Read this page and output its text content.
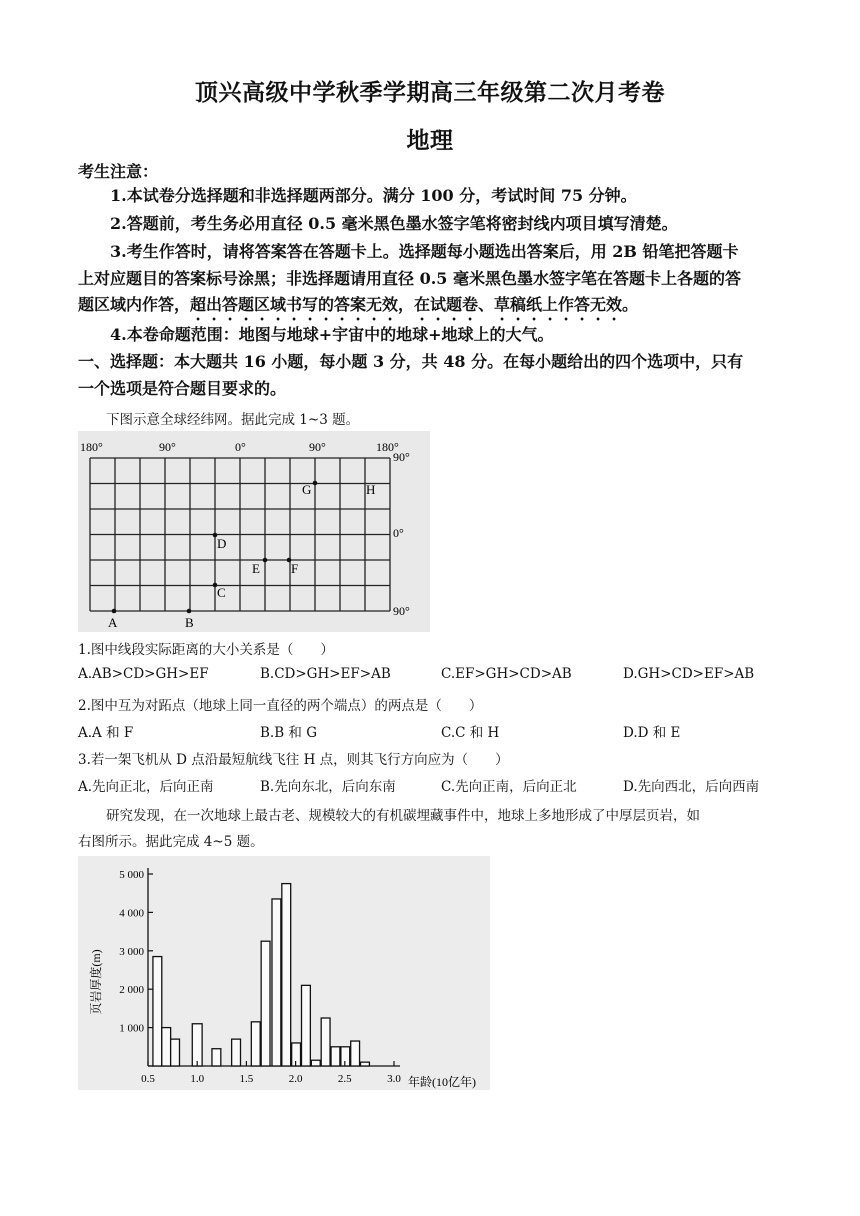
顶兴高级中学秋季学期高三年级第二次月考卷
地理
考生注意：
1.本试卷分选择题和非选择题两部分。满分 100 分，考试时间 75 分钟。
2.答题前，考生务必用直径 0.5 毫米黑色墨水签字笔将密封线内项目填写清楚。
3.考生作答时，请将答案答在答题卡上。选择题每小题选出答案后，用 2B 铅笔把答题卡
上对应题目的答案标号涂黑；非选择题请用直径 0.5 毫米黑色墨水签字笔在答题卡上各题的答
题区域内作答，超出答题区域书写的答案无效，在试题卷、草稿纸上作答无效。
4.本卷命题范围：地图与地球+宇宙中的地球+地球上的大气。
一、选择题：本大题共 16 小题，每小题 3 分，共 48 分。在每小题给出的四个选项中，只有
一个选项是符合题目要求的。
下图示意全球经纬网。据此完成 1~3 题。
180°	90°	0°	90°	180°
90°
0°
90°
G	H
D
E F
C
A	B
1.图中线段实际距离的大小关系是（　　）
A.AB>CD>GH>EF	B.CD>GH>EF>AB	C.EF>GH>CD>AB	D.GH>CD>EF>AB
2.图中互为对跖点（地球上同一直径的两个端点）的两点是（　　）
A.A 和 F	B.B 和 G	C.C 和 H	D.D 和 E
3.若一架飞机从 D 点沿最短航线飞往 H 点，则其飞行方向应为（　　）
A.先向正北，后向正南	B.先向东北，后向东南	C.先向正南，后向正北	D.先向西北，后向西南
研究发现，在一次地球上最古老、规模较大的有机碳埋藏事件中，地球上多地形成了中厚层页岩，如
右图所示。据此完成 4~5 题。
1 000
2 000
3 000
4 000
5 000
0.5	1.0	1.5	2.0	2.5	3.0
页岩厚度(m)
年龄(10亿年)
